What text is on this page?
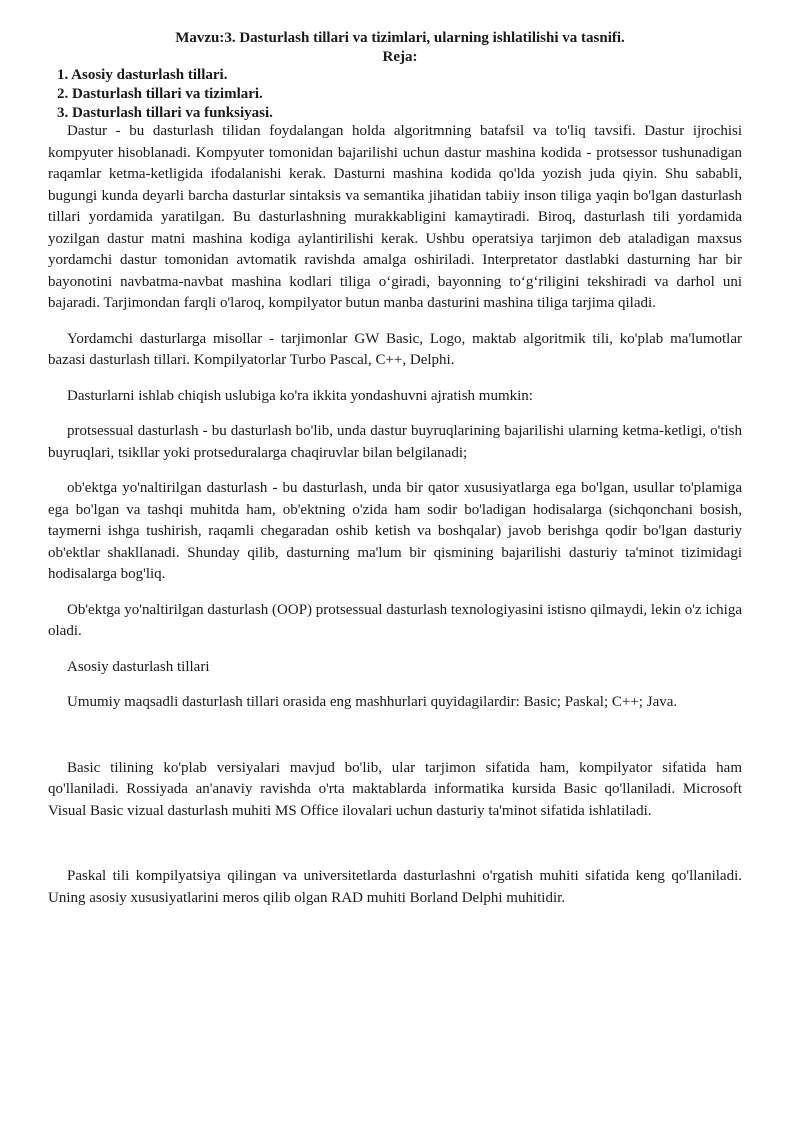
Mavzu:3. Dasturlash tillari va tizimlari, ularning ishlatilishi va tasnifi.
Reja:
1. Asosiy dasturlash tillari.
2. Dasturlash tillari va tizimlari.
3. Dasturlash tillari va funksiyasi.

Dastur - bu dasturlash tilidan foydalangan holda algoritmning batafsil va to'liq tavsifi. Dastur ijrochisi kompyuter hisoblanadi. Kompyuter tomonidan bajarilishi uchun dastur mashina kodida - protsessor tushunadigan raqamlar ketma-ketligida ifodalanishi kerak. Dasturni mashina kodida qo'lda yozish juda qiyin. Shu sababli, bugungi kunda deyarli barcha dasturlar sintaksis va semantika jihatidan tabiiy inson tiliga yaqin bo'lgan dasturlash tillari yordamida yaratilgan. Bu dasturlashning murakkabligini kamaytiradi. Biroq, dasturlash tili yordamida yozilgan dastur matni mashina kodiga aylantirilishi kerak. Ushbu operatsiya tarjimon deb ataladigan maxsus yordamchi dastur tomonidan avtomatik ravishda amalga oshiriladi. Interpretator dastlabki dasturning har bir bayonotini navbatma-navbat mashina kodlari tiliga o‘giradi, bayonning to‘g‘riligini tekshiradi va darhol uni bajaradi. Tarjimondan farqli o'laroq, kompilyator butun manba dasturini mashina tiliga tarjima qiladi.

Yordamchi dasturlarga misollar - tarjimonlar GW Basic, Logo, maktab algoritmik tili, ko'plab ma'lumotlar bazasi dasturlash tillari. Kompilyatorlar Turbo Pascal, C++, Delphi.

Dasturlarni ishlab chiqish uslubiga ko'ra ikkita yondashuvni ajratish mumkin:

protsessual dasturlash - bu dasturlash bo'lib, unda dastur buyruqlarining bajarilishi ularning ketma-ketligi, o'tish buyruqlari, tsikllar yoki protseduralarga chaqiruvlar bilan belgilanadi;

ob'ektga yo'naltirilgan dasturlash - bu dasturlash, unda bir qator xususiyatlarga ega bo'lgan, usullar to'plamiga ega bo'lgan va tashqi muhitda ham, ob'ektning o'zida ham sodir bo'ladigan hodisalarga (sichqonchani bosish, taymerni ishga tushirish, raqamli chegaradan oshib ketish va boshqalar) javob berishga qodir bo'lgan dasturiy ob'ektlar shakllanadi. Shunday qilib, dasturning ma'lum bir qismining bajarilishi dasturiy ta'minot tizimidagi hodisalarga bog'liq.

Ob'ektga yo'naltirilgan dasturlash (OOP) protsessual dasturlash texnologiyasini istisno qilmaydi, lekin o'z ichiga oladi.

Asosiy dasturlash tillari

Umumiy maqsadli dasturlash tillari orasida eng mashhurlari quyidagilardir: Basic; Paskal; C++; Java.

Basic tilining ko'plab versiyalari mavjud bo'lib, ular tarjimon sifatida ham, kompilyator sifatida ham qo'llaniladi. Rossiyada an'anaviy ravishda o'rta maktablarda informatika kursida Basic qo'llaniladi. Microsoft Visual Basic vizual dasturlash muhiti MS Office ilovalari uchun dasturiy ta'minot sifatida ishlatiladi.

Paskal tili kompilyatsiya qilingan va universitetlarda dasturlashni o'rgatish muhiti sifatida keng qo'llaniladi. Uning asosiy xususiyatlarini meros qilib olgan RAD muhiti Borland Delphi muhitidir.
